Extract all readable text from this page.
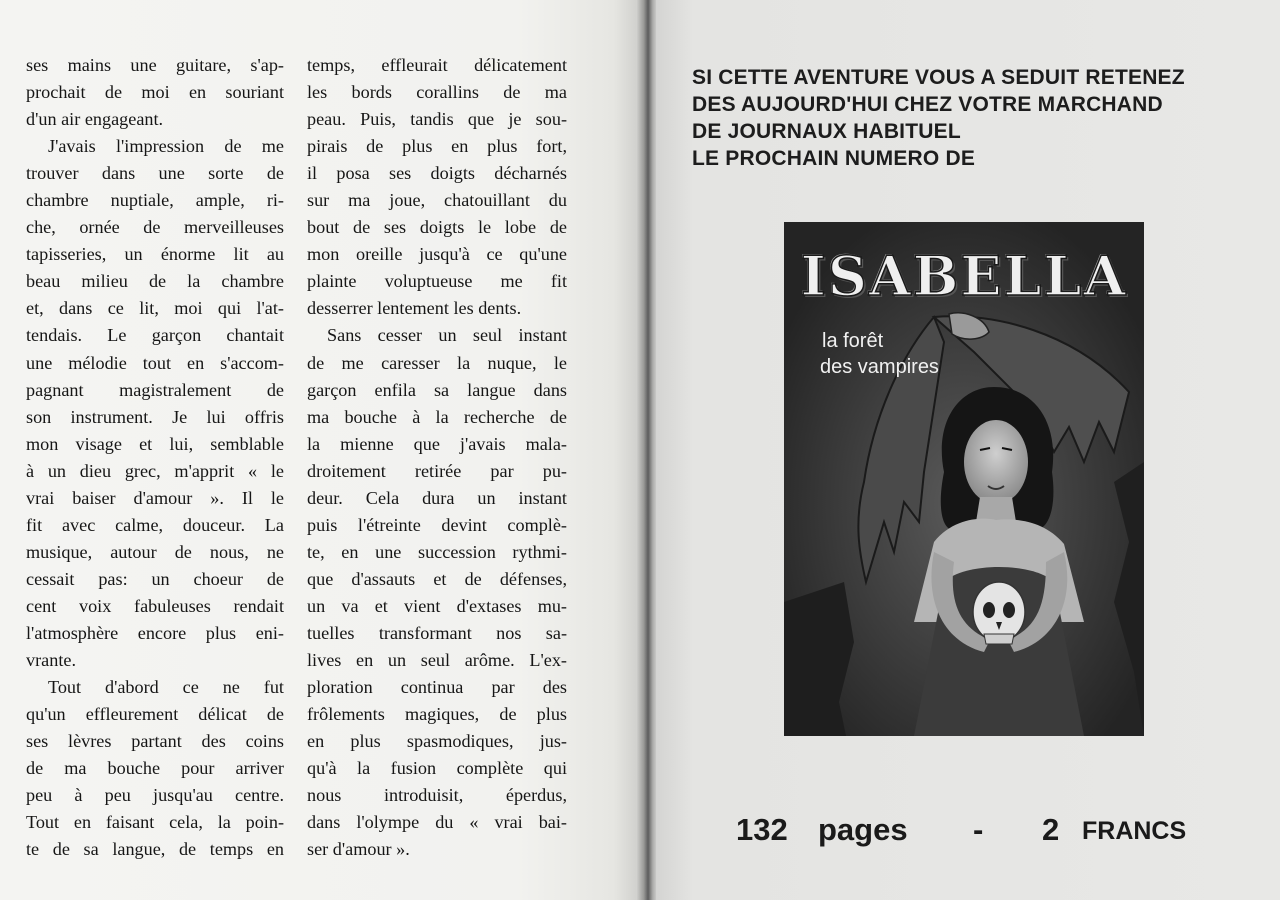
ses mains une guitare, s'ap-
prochait de moi en souriant
d'un air engageant.

J'avais l'impression de me
trouver dans une sorte de
chambre nuptiale, ample, ri-
che, ornée de merveilleuses
tapisseries, un énorme lit au
beau milieu de la chambre
et, dans ce lit, moi qui l'at-
tendais. Le garçon chantait
une mélodie tout en s'accom-
pagnant magistralement de
son instrument. Je lui offris
mon visage et lui, semblable
à un dieu grec, m'apprit « le
vrai baiser d'amour ». Il le
fit avec calme, douceur. La
musique, autour de nous, ne
cessait pas: un choeur de
cent voix fabuleuses rendait
l'atmosphère encore plus eni-
vrante.

Tout d'abord ce ne fut
qu'un effleurement délicat de
ses lèvres partant des coins
de ma bouche pour arriver
peu à peu jusqu'au centre.
Tout en faisant cela, la poin-
te de sa langue, de temps en

temps, effleurait délicatement
les bords corallins de ma
peau. Puis, tandis que je sou-
pirais de plus en plus fort,
il posa ses doigts décharnés
sur ma joue, chatouillant du
bout de ses doigts le lobe de
mon oreille jusqu'à ce qu'une
plainte voluptueuse me fit
desserrer lentement les dents.

Sans cesser un seul instant
de me caresser la nuque, le
garçon enfila sa langue dans
ma bouche à la recherche de
la mienne que j'avais mala-
droitement retirée par pu-
deur. Cela dura un instant
puis l'étreinte devint complè-
te, en une succession rythmi-
que d'assauts et de défenses,
un va et vient d'extases mu-
tuelles transformant nos sa-
lives en un seul arôme. L'ex-
ploration continua par des
frôlements magiques, de plus
en plus spasmodiques, jus-
qu'à la fusion complète qui
nous introduisit, éperdus,
dans l'olympe du « vrai bai-
ser d'amour ».

SI CETTE AVENTURE VOUS A SEDUIT RETENEZ
DES AUJOURD'HUI CHEZ VOTRE MARCHAND
DE JOURNAUX HABITUEL
LE PROCHAIN NUMERO DE
ISABELLA
la forêt
des vampires
132 pages - 2 FRANCS
